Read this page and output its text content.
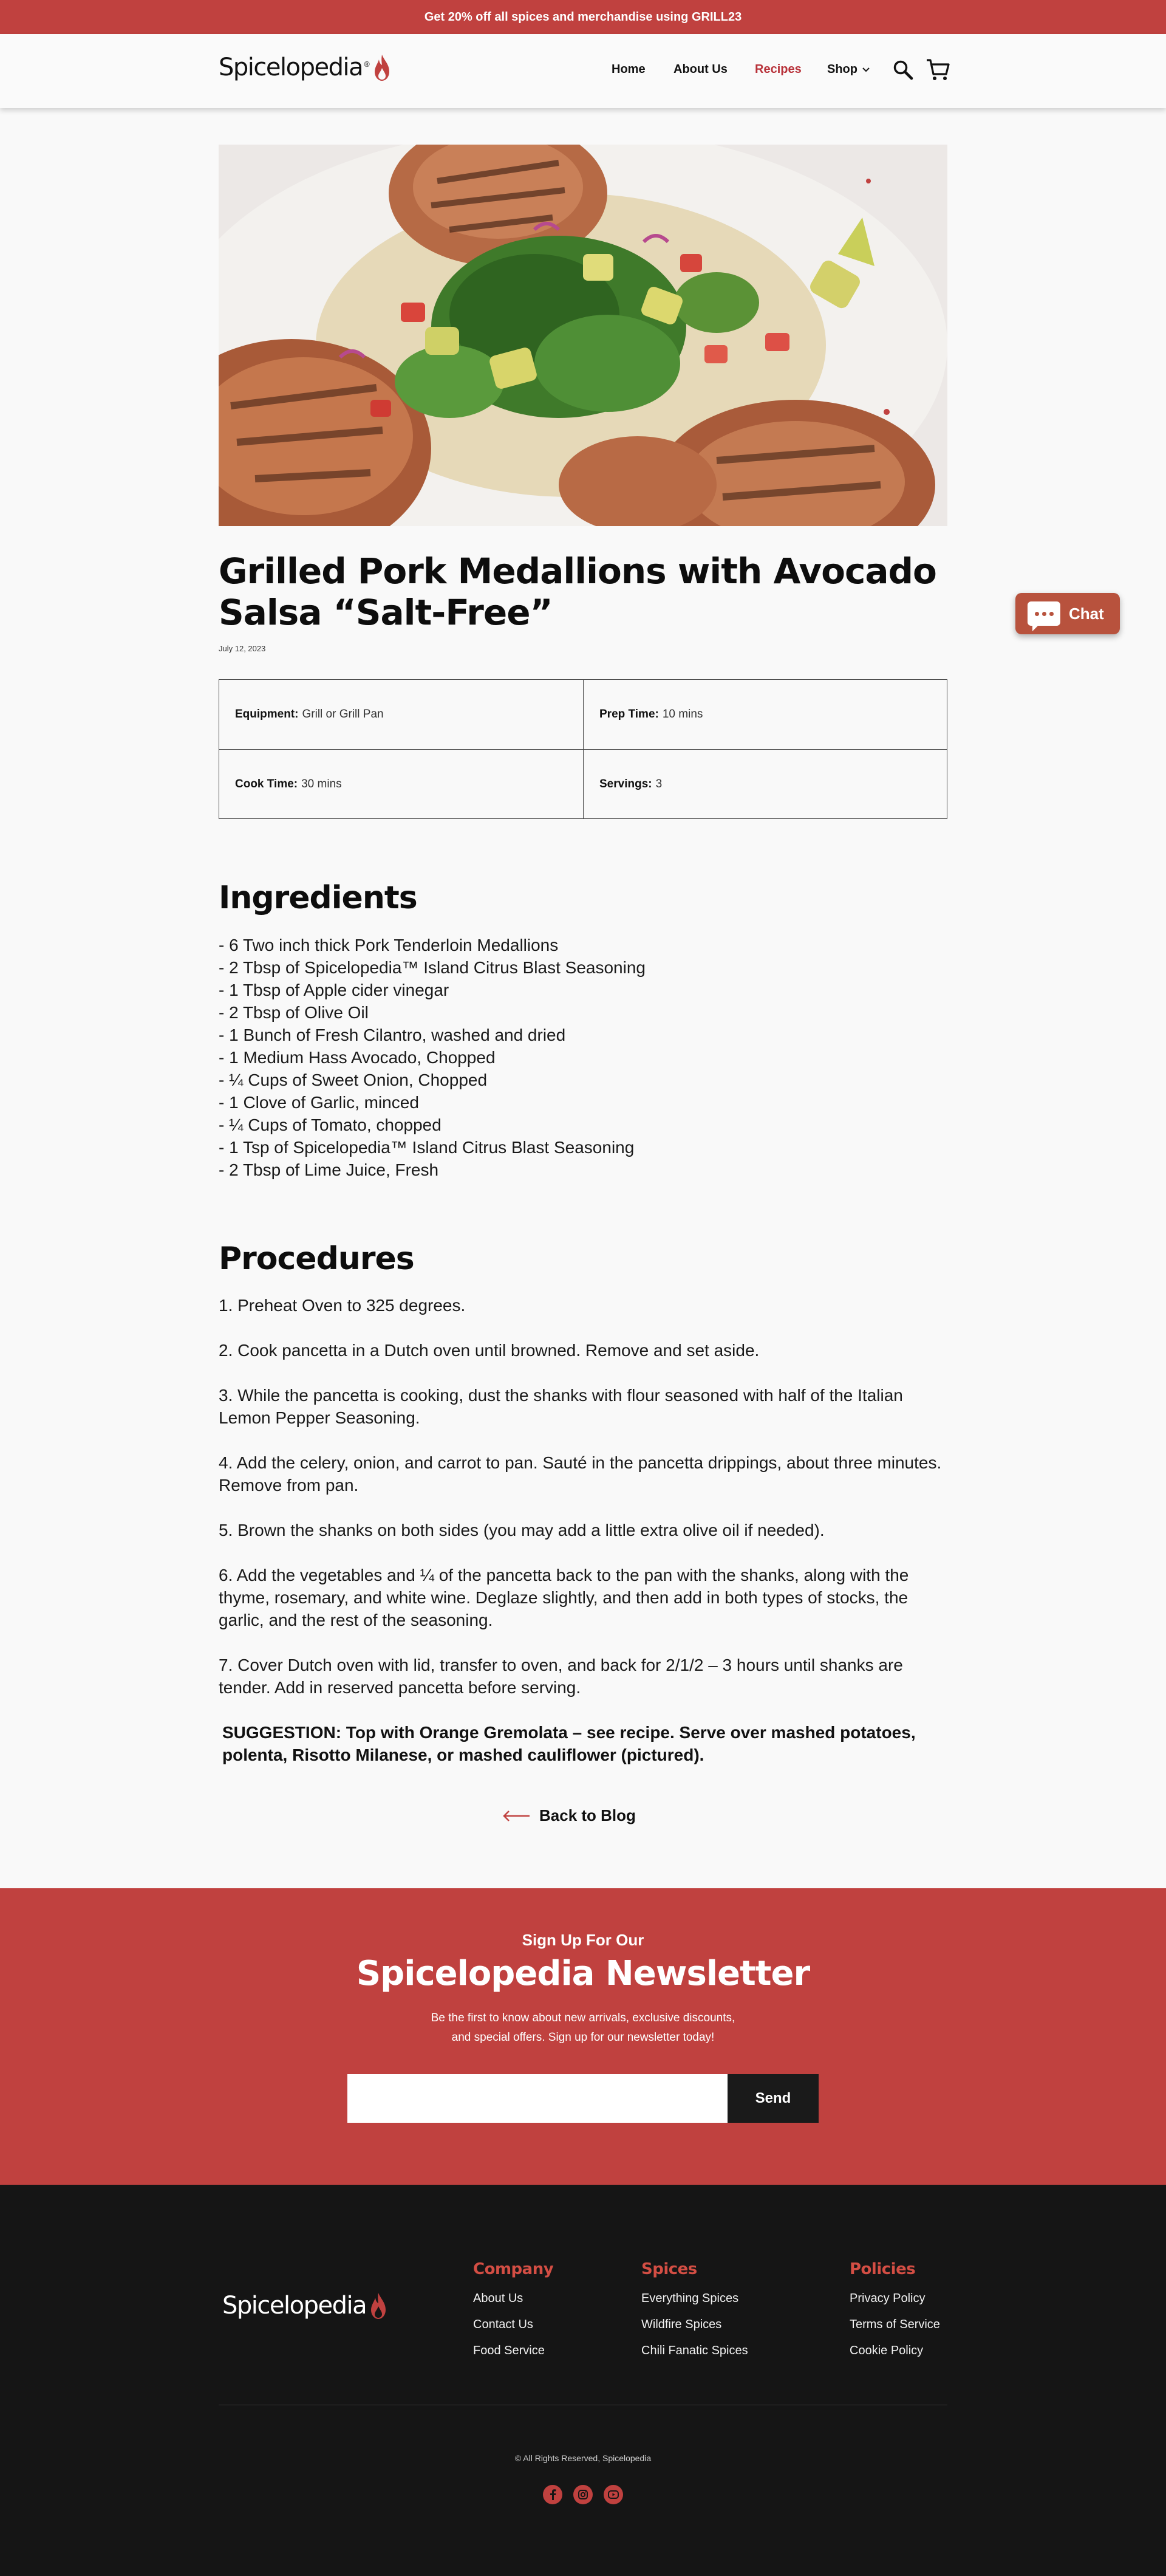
Get 20% off all spices and merchandise using GRILL23
Spicelopedia®	Home About Us Recipes Shop
Grilled Pork Medallions with Avocado Salsa “Salt-Free”
July 12, 2023
Equipment: Grill or Grill Pan	Prep Time: 10 mins
Cook Time: 30 mins	Servings: 3
Ingredients
- 6 Two inch thick Pork Tenderloin Medallions
- 2 Tbsp of Spicelopedia™ Island Citrus Blast Seasoning
- 1 Tbsp of Apple cider vinegar
- 2 Tbsp of Olive Oil
- 1 Bunch of Fresh Cilantro, washed and dried
- 1 Medium Hass Avocado, Chopped
- ¼ Cups of Sweet Onion, Chopped
- 1 Clove of Garlic, minced
- ¼ Cups of Tomato, chopped
- 1 Tsp of Spicelopedia™ Island Citrus Blast Seasoning
- 2 Tbsp of Lime Juice, Fresh
Procedures

1. Preheat Oven to 325 degrees.

2. Cook pancetta in a Dutch oven until browned. Remove and set aside.

3. While the pancetta is cooking, dust the shanks with flour seasoned with half of the Italian Lemon Pepper Seasoning.

4. Add the celery, onion, and carrot to pan. Sauté in the pancetta drippings, about three minutes. Remove from pan.

5. Brown the shanks on both sides (you may add a little extra olive oil if needed).

6. Add the vegetables and ¼ of the pancetta back to the pan with the shanks, along with the thyme, rosemary, and white wine. Deglaze slightly, and then add in both types of stocks, the garlic, and the rest of the seasoning.

7. Cover Dutch oven with lid, transfer to oven, and back for 2/1/2 – 3 hours until shanks are tender. Add in reserved pancetta before serving.

SUGGESTION: Top with Orange Gremolata – see recipe. Serve over mashed potatoes, polenta, Risotto Milanese, or mashed cauliflower (pictured).

Back to Blog
Sign Up For Our
Spicelopedia Newsletter
Be the first to know about new arrivals, exclusive discounts,
and special offers. Sign up for our newsletter today!
Send
Spicelopedia
Company
About Us
Contact Us
Food Service
Spices
Everything Spices
Wildfire Spices
Chili Fanatic Spices
Policies
Privacy Policy
Terms of Service
Cookie Policy
© All Rights Reserved, Spicelopedia
Chat
